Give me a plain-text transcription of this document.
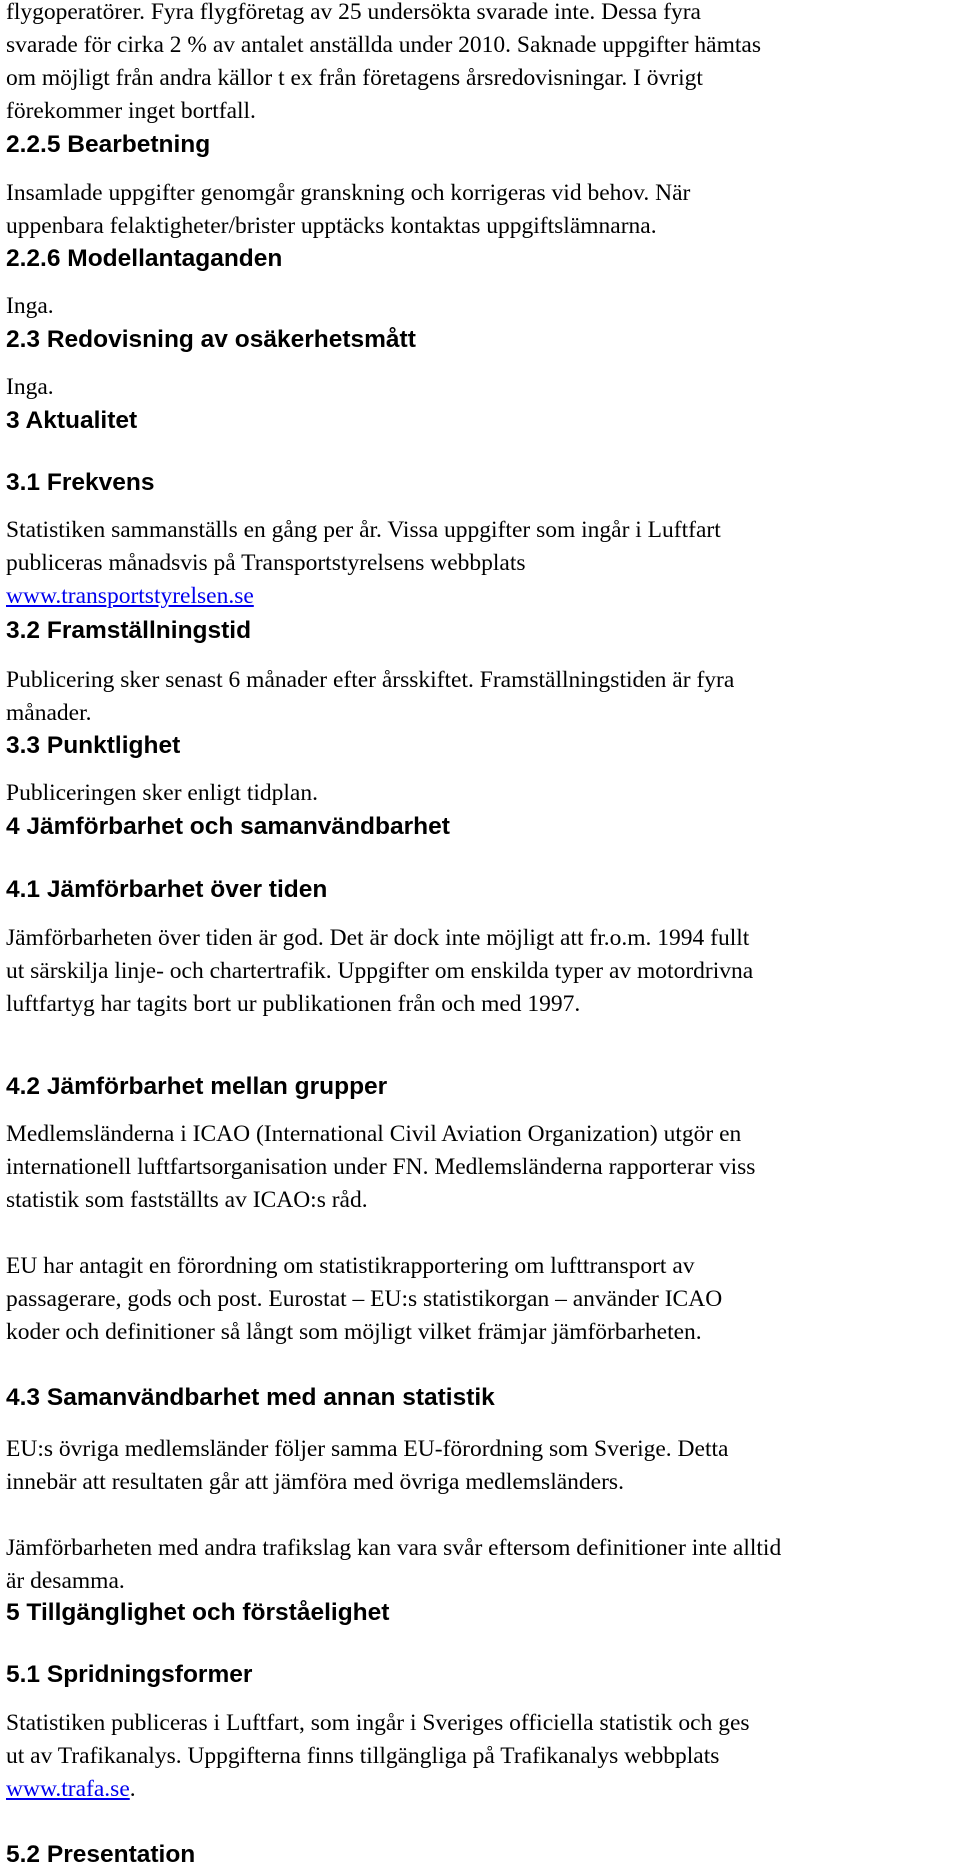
flygoperatörer. Fyra flygföretag av 25 undersökta svarade inte. Dessa fyra
svarade för cirka 2 % av antalet anställda under 2010. Saknade uppgifter hämtas
om möjligt från andra källor t ex från företagens årsredovisningar. I övrigt
förekommer inget bortfall.

2.2.5 Bearbetning

Insamlade uppgifter genomgår granskning och korrigeras vid behov. När
uppenbara felaktigheter/brister upptäcks kontaktas uppgiftslämnarna.

2.2.6 Modellantaganden

Inga.

2.3 Redovisning av osäkerhetsmått

Inga.

3 Aktualitet
3.1 Frekvens

Statistiken sammanställs en gång per år. Vissa uppgifter som ingår i Luftfart
publiceras månadsvis på Transportstyrelsens webbplats
www.transportstyrelsen.se

3.2 Framställningstid

Publicering sker senast 6 månader efter årsskiftet. Framställningstiden är fyra
månader.

3.3 Punktlighet

Publiceringen sker enligt tidplan.

4 Jämförbarhet och samanvändbarhet
4.1 Jämförbarhet över tiden

Jämförbarheten över tiden är god. Det är dock inte möjligt att fr.o.m. 1994 fullt
ut särskilja linje- och chartertrafik. Uppgifter om enskilda typer av motordrivna
luftfartyg har tagits bort ur publikationen från och med 1997.

4.2 Jämförbarhet mellan grupper

Medlemsländerna i ICAO (International Civil Aviation Organization) utgör en
internationell luftfartsorganisation under FN. Medlemsländerna rapporterar viss
statistik som fastställts av ICAO:s råd.

EU har antagit en förordning om statistikrapportering om lufttransport av
passagerare, gods och post. Eurostat – EU:s statistikorgan – använder ICAO
koder och definitioner så långt som möjligt vilket främjar jämförbarheten.

4.3 Samanvändbarhet med annan statistik

EU:s övriga medlemsländer följer samma EU-förordning som Sverige. Detta
innebär att resultaten går att jämföra med övriga medlemsländers.

Jämförbarheten med andra trafikslag kan vara svår eftersom definitioner inte alltid
är desamma.

5 Tillgänglighet och förståelighet
5.1 Spridningsformer

Statistiken publiceras i Luftfart, som ingår i Sveriges officiella statistik och ges
ut av Trafikanalys. Uppgifterna finns tillgängliga på Trafikanalys webbplats
www.trafa.se.

5.2 Presentation
